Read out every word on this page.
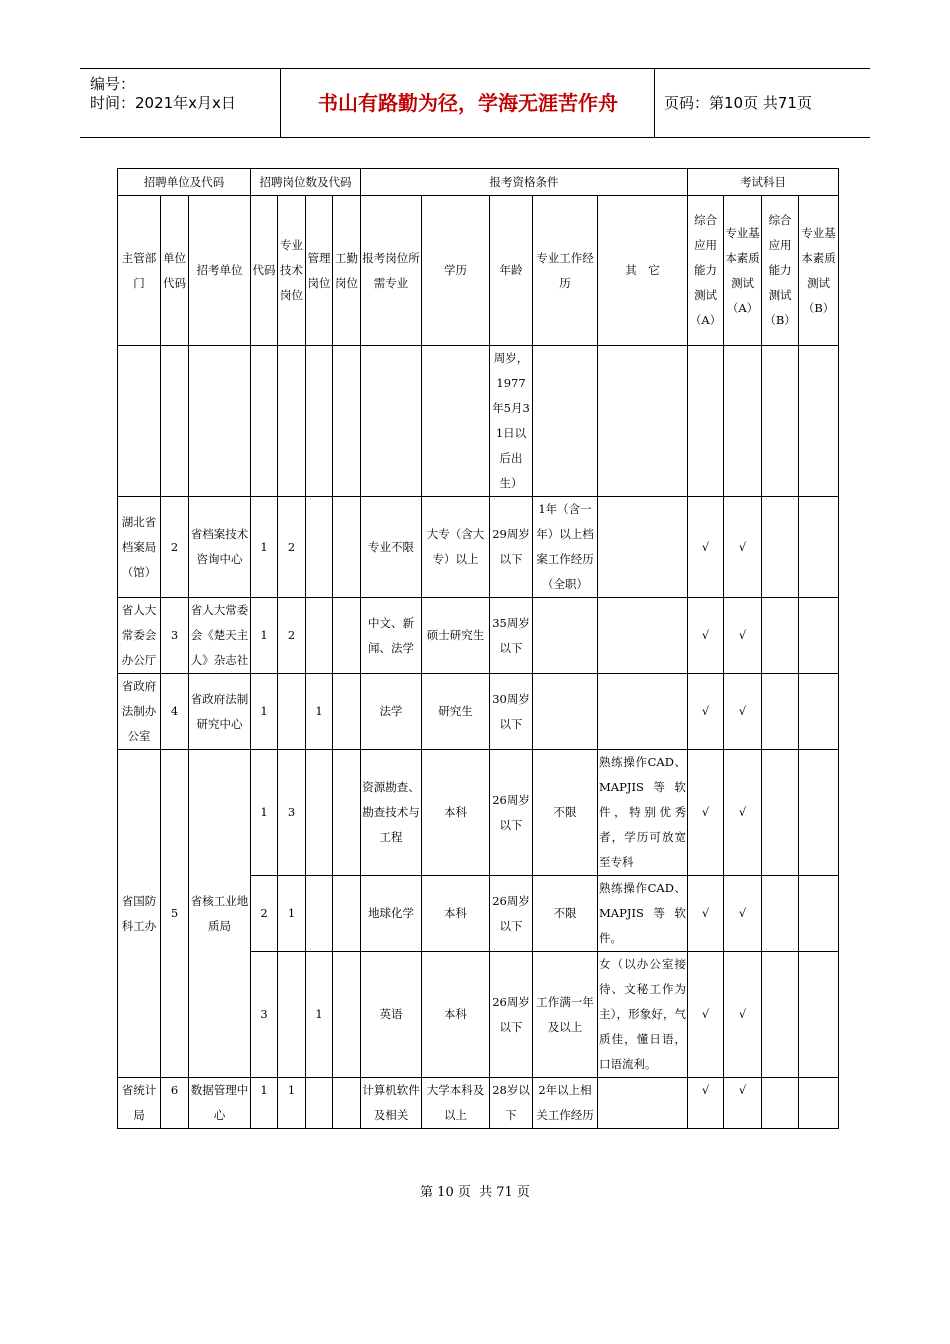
编号：
时间：2021年x月x日	书山有路勤为径，学海无涯苦作舟	页码：第10页 共71页
招聘单位及代码			招聘岗位数及代码				报考资格条件					考试科目			
主管部门	单位代码	招考单位	代码	专业技术岗位	管理岗位	工勤岗位	报考岗位所需专业	学历	年龄	专业工作经历	其　它	综合应用能力测试（A）	专业基本素质测试（A）	综合应用能力测试（B）	专业基本素质测试（B）
									周岁，1977年5月31日以后出生）						
湖北省档案局（馆）	2	省档案技术咨询中心	1	2			专业不限	大专（含大专）以上	29周岁以下	1年（含一年）以上档案工作经历（全职）		√	√		
省人大常委会办公厅	3	省人大常委会《楚天主人》杂志社	1	2			中文、新闻、法学	硕士研究生	35周岁以下			√	√		
省政府法制办公室	4	省政府法制研究中心	1		1		法学	研究生	30周岁以下			√	√		
省国防科工办	5	省核工业地质局	1	3			资源勘查、勘查技术与工程	本科	26周岁以下	不限	熟练操作CAD、MAPJIS等软件，特别优秀者，学历可放宽至专科	√	√		
			2	1			地球化学	本科	26周岁以下	不限	熟练操作CAD、MAPJIS等软件。	√	√		
			3		1		英语	本科	26周岁以下	工作满一年及以上	女（以办公室接待、文秘工作为主），形象好，气质佳，懂日语，口语流利。	√	√		
省统计局	6	数据管理中心	1	1			计算机软件及相关	大学本科及以上	28岁以下	2年以上相关工作经历		√	√		
第 10 页  共 71 页
